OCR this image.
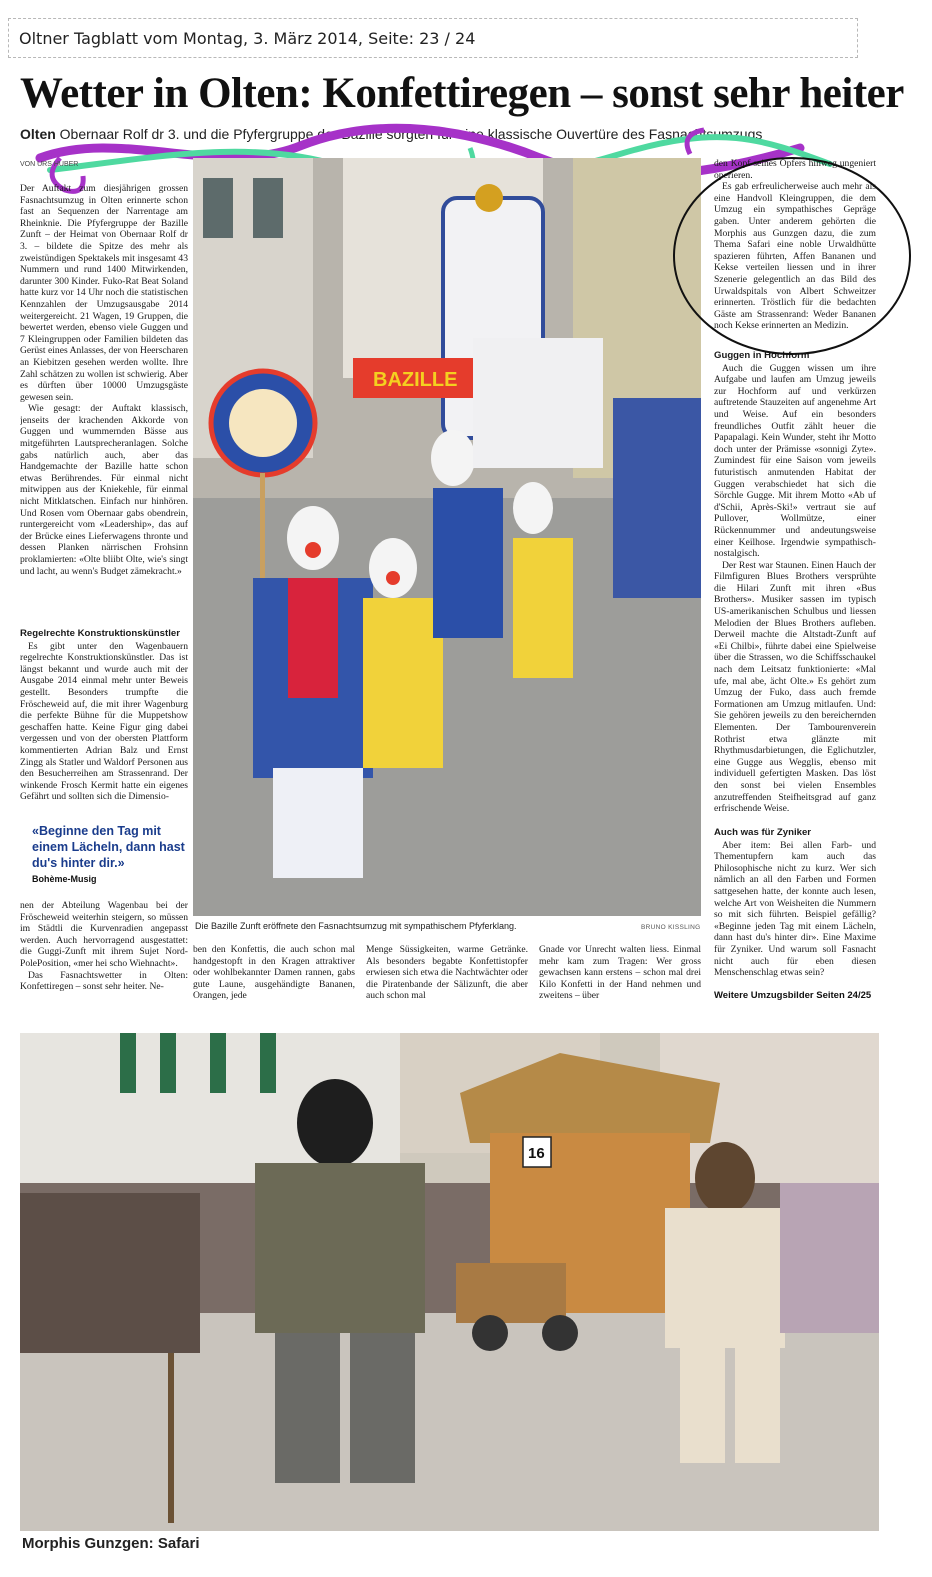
Oltner Tagblatt vom Montag, 3. März 2014, Seite: 23 / 24
Wetter in Olten: Konfettiregen – sonst sehr heiter
Olten Obernaar Rolf dr 3. und die Pfyfergruppe der Bazille sorgten für eine klassische Ouvertüre des Fasnachtsumzugs
VON URS HUBER

Der Auftakt zum diesjährigen grossen Fasnachtsumzug in Olten erinnerte schon fast an Sequenzen der Narrentage am Rheinknie. Die Pfyfergruppe der Bazille Zunft – der Heimat von Obernaar Rolf dr 3. – bildete die Spitze des mehr als zweistündigen Spektakels mit insgesamt 43 Nummern und rund 1400 Mitwirkenden, darunter 300 Kinder. Fuko-Rat Beat Soland hatte kurz vor 14 Uhr noch die statistischen Kennzahlen der Umzugsausgabe 2014 weitergereicht. 21 Wagen, 19 Gruppen, die bewertet werden, ebenso viele Guggen und 7 Kleingruppen oder Familien bildeten das Gerüst eines Anlasses, der von Heerscharen an Kiebitzen gesehen werden wollte. Ihre Zahl schätzen zu wollen ist schwierig. Aber es dürften über 10000 Umzugsgäste gewesen sein.

Wie gesagt: der Auftakt klassisch, jenseits der krachenden Akkorde von Guggen und wummernden Bässe aus mitgeführten Lautsprecheranlagen. Solche gabs natürlich auch, aber das Handgemachte der Bazille hatte schon etwas Berührendes. Für einmal nicht mitwippen aus der Kniekehle, für einmal nicht Mitklatschen. Einfach nur hinhören. Und Rosen vom Obernaar gabs obendrein, runtergereicht vom «Leadership», das auf der Brücke eines Lieferwagens thronte und dessen Planken närrischen Frohsinn proklamierten: «Olte bliibt Olte, wie's singt und lacht, au wenn's Budget zämekracht.»

Regelrechte Konstruktionskünstler

Es gibt unter den Wagenbauern regelrechte Konstruktionskünstler. Das ist längst bekannt und wurde auch mit der Ausgabe 2014 einmal mehr unter Beweis gestellt. Besonders trumpfte die Fröscheweid auf, die mit ihrer Wagenburg die perfekte Bühne für die Muppetshow geschaffen hatte. Keine Figur ging dabei vergessen und von der obersten Plattform kommentierten Adrian Balz und Ernst Zingg als Statler und Waldorf Personen aus den Besucherreihen am Strassenrand. Der winkende Frosch Kermit hatte ein eigenes Gefährt und sollten sich die Dimensio-

«Beginne den Tag mit einem Lächeln, dann hast du's hinter dir.»
Bohème-Musig

nen der Abteilung Wagenbau bei der Fröscheweid weiterhin steigern, so müssen im Städtli die Kurvenradien angepasst werden. Auch hervorragend ausgestattet: die Guggi-Zunft mit ihrem Sujet Nord-PolePosition, «mer hei scho Wiehnacht».

Das Fasnachtswetter in Olten: Konfettiregen – sonst sehr heiter. Ne-

BAZILLE
Die Bazille Zunft eröffnete den Fasnachtsumzug mit sympathischem Pfyferklang.	BRUNO KISSLING

ben den Konfettis, die auch schon mal handgestopft in den Kragen attraktiver oder wohlbekannter Damen rannen, gabs gute Laune, ausgehändigte Bananen, Orangen, jede

Menge Süssigkeiten, warme Getränke. Als besonders begabte Konfettistopfer erwiesen sich etwa die Nachtwächter oder die Piratenbande der Sälizunft, die aber auch schon mal

Gnade vor Unrecht walten liess. Einmal mehr kam zum Tragen: Wer gross gewachsen kann erstens – schon mal drei Kilo Konfetti in der Hand nehmen und zweitens – über

den Kopf seines Opfers hinweg ungeniert operieren.

Es gab erfreulicherweise auch mehr als eine Handvoll Kleingruppen, die dem Umzug ein sympathisches Gepräge gaben. Unter anderem gehörten die Morphis aus Gunzgen dazu, die zum Thema Safari eine noble Urwaldhütte spazieren führten, Affen Bananen und Kekse verteilen liessen und in ihrer Szenerie gelegentlich an das Bild des Urwaldspitals von Albert Schweitzer erinnerten. Tröstlich für die bedachten Gäste am Strassenrand: Weder Bananen noch Kekse erinnerten an Medizin.

Guggen in Hochform

Auch die Guggen wissen um ihre Aufgabe und laufen am Umzug jeweils zur Hochform auf und verkürzen auftretende Stauzeiten auf angenehme Art und Weise. Auf ein besonders freundliches Outfit zählt heuer die Papapalagi. Kein Wunder, steht ihr Motto doch unter der Prämisse «sonnigi Zyte». Zumindest für eine Saison vom jeweils futuristisch anmutenden Habitat der Guggen verabschiedet hat sich die Sörchle Gugge. Mit ihrem Motto «Ab uf d'Schii, Après-Ski!» vertraut sie auf Pullover, Wollmütze, einer Rückennummer und andeutungsweise einer Keilhose. Irgendwie sympathisch-nostalgisch.

Der Rest war Staunen. Einen Hauch der Filmfiguren Blues Brothers versprühte die Hilari Zunft mit ihren «Bus Brothers». Musiker sassen im typisch US-amerikanischen Schulbus und liessen Melodien der Blues Brothers aufleben. Derweil machte die Altstadt-Zunft auf «Ei Chilbi», führte dabei eine Spielweise über die Strassen, wo die Schiffsschaukel nach dem Leitsatz funktionierte: «Mal ufe, mal abe, ächt Olte.» Es gehört zum Umzug der Fuko, dass auch fremde Formationen am Umzug mitlaufen. Und: Sie gehören jeweils zu den bereichernden Elementen. Der Tambourenverein Rothrist etwa glänzte mit Rhythmusdarbietungen, die Eglichutzler, eine Gugge aus Wegglis, ebenso mit individuell gefertigten Masken. Das löst den sonst bei vielen Ensembles anzutreffenden Steifheitsgrad auf ganz erfrischende Weise.

Auch was für Zyniker

Aber item: Bei allen Farb- und Thementupfern kam auch das Philosophische nicht zu kurz. Wer sich nämlich an all den Farben und Formen sattgesehen hatte, der konnte auch lesen, welche Art von Weisheiten die Nummern so mit sich führten. Beispiel gefällig? «Beginne jeden Tag mit einem Lächeln, dann hast du's hinter dir». Eine Maxime für Zyniker. Und warum soll Fasnacht nicht auch für eben diesen Menschenschlag etwas sein?

Weitere Umzugsbilder Seiten 24/25
16
Morphis Gunzgen: Safari
